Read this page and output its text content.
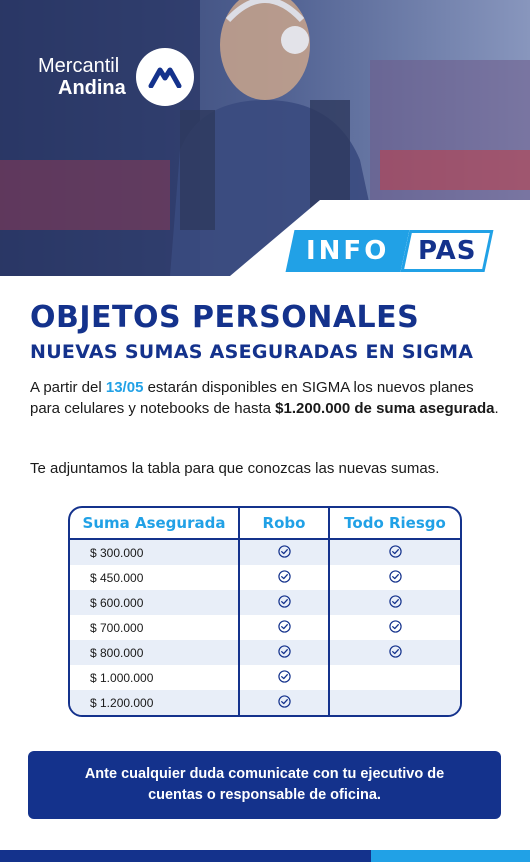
Mercantil
Andina
INFO PAS
OBJETOS PERSONALES
NUEVAS SUMAS ASEGURADAS EN SIGMA

A partir del 13/05 estarán disponibles en SIGMA los nuevos planes para celulares y notebooks de hasta $1.200.000 de suma asegurada.

Te adjuntamos la tabla para que conozcas las nuevas sumas.

Suma Asegurada	Robo	Todo Riesgo
$ 300.000
$ 450.000
$ 600.000
$ 700.000
$ 800.000
$ 1.000.000
$ 1.200.000
Ante cualquier duda comunicate con tu ejecutivo de cuentas o responsable de oficina.
